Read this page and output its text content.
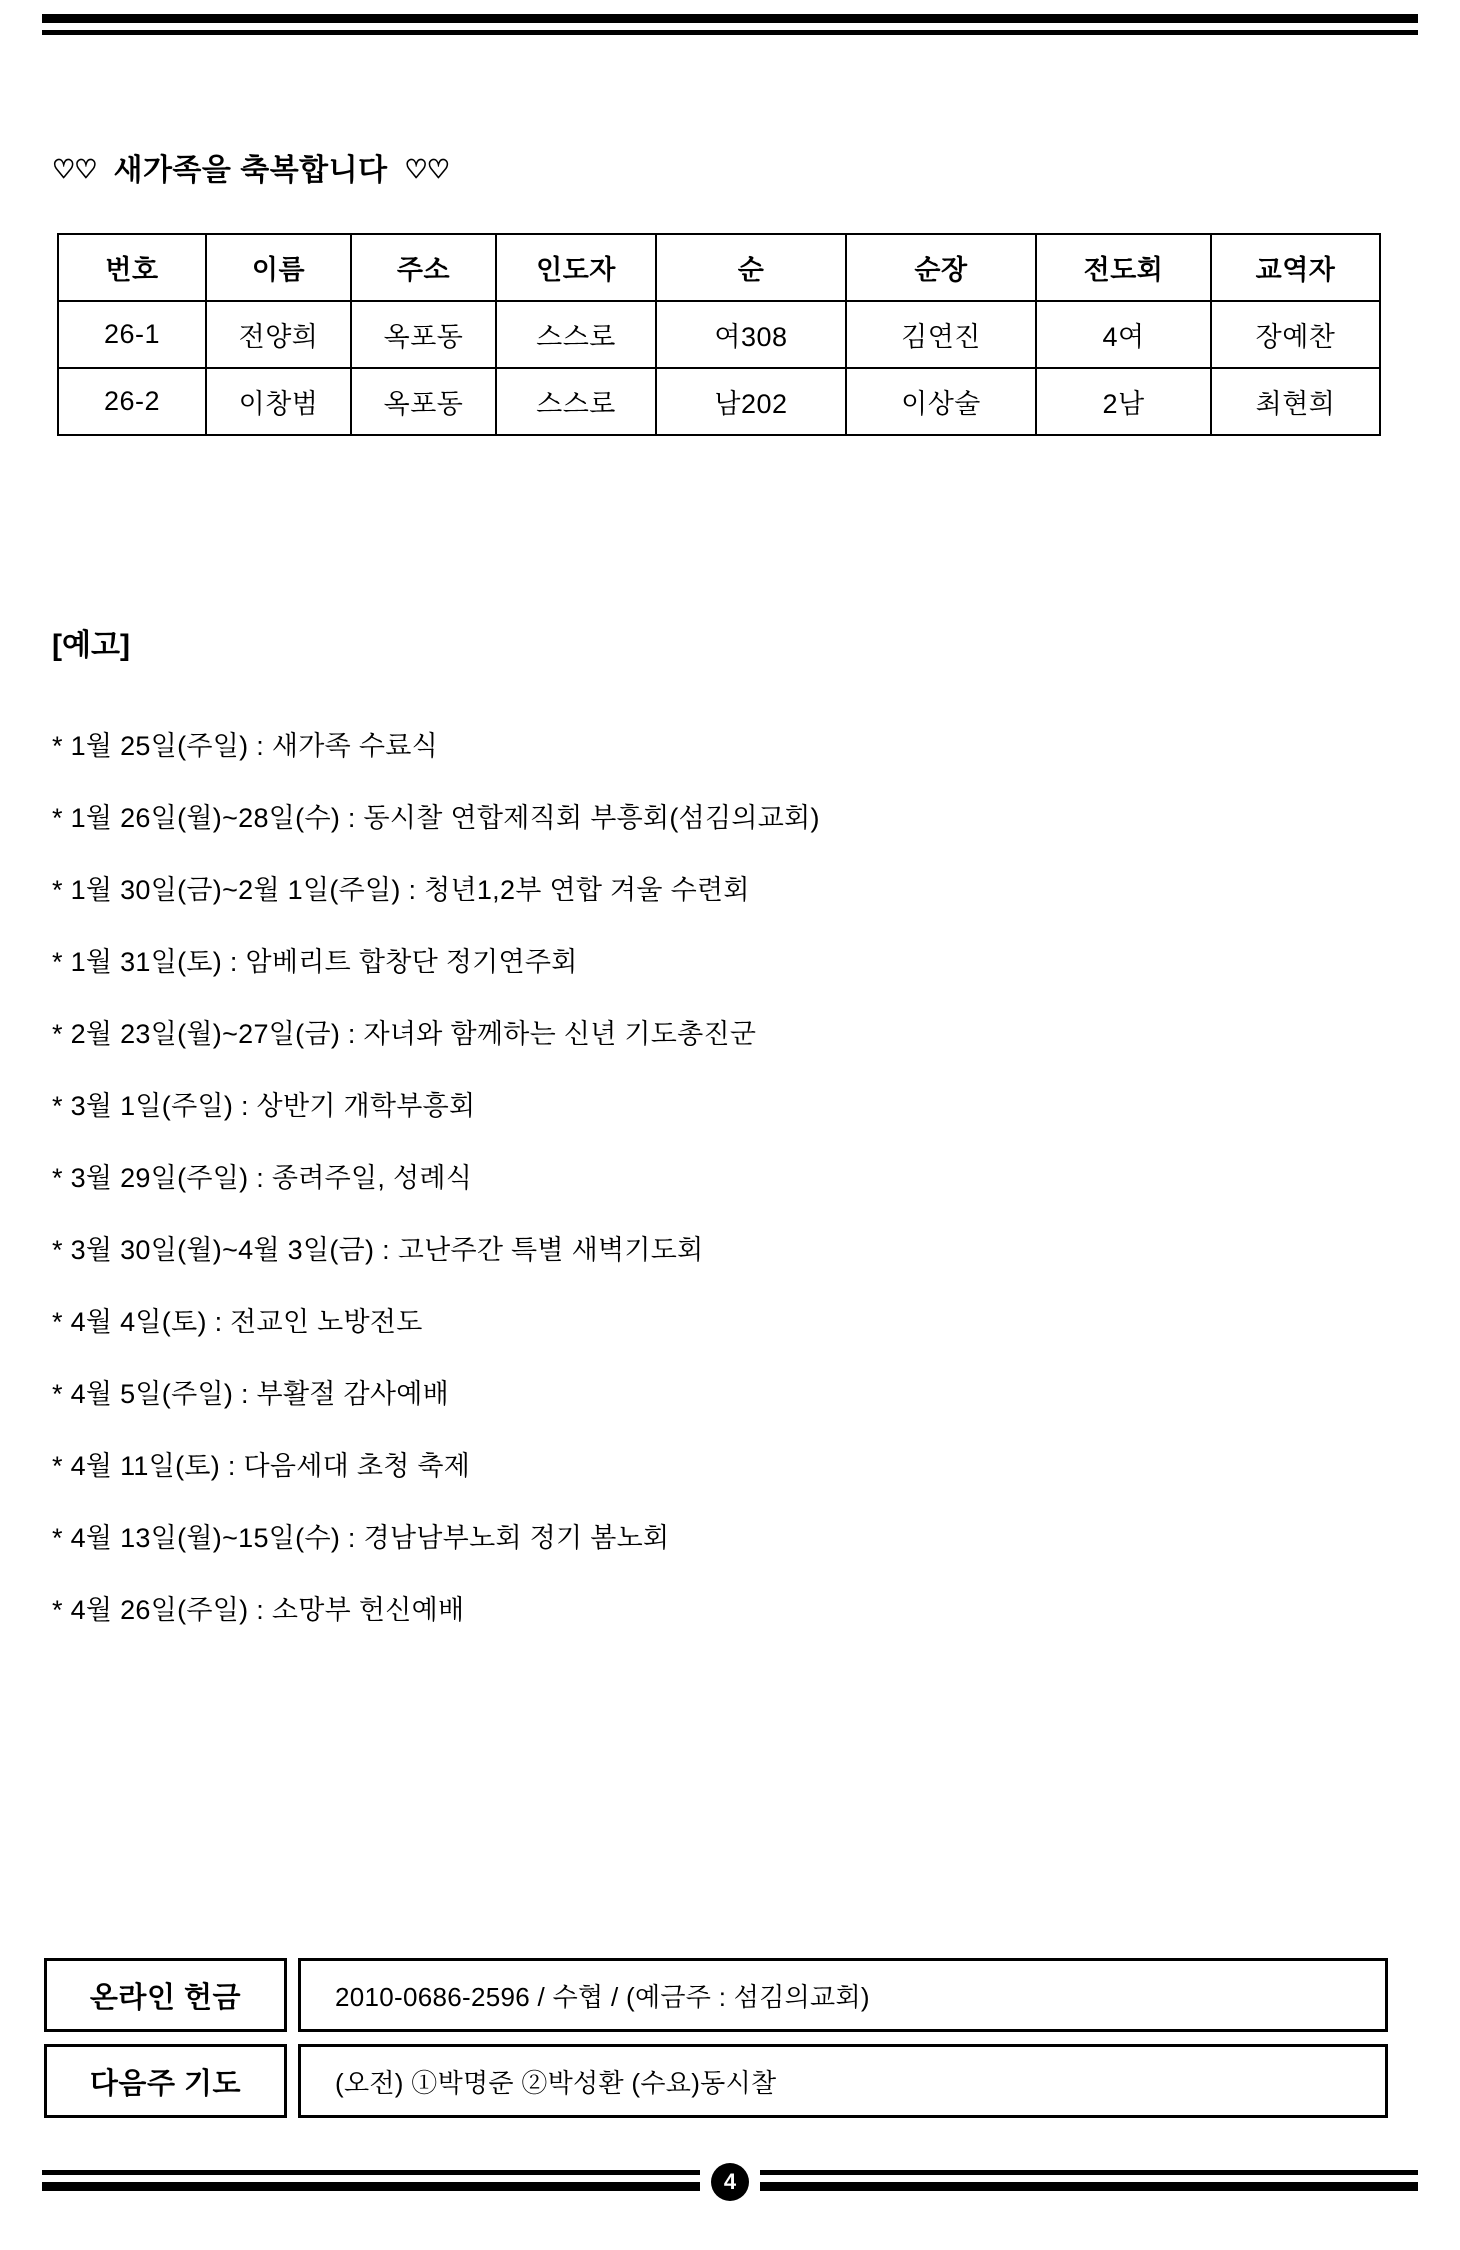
♡♡ 새가족을 축복합니다 ♡♡
번호	이름	주소	인도자	순	순장	전도회	교역자
26-1	전양희	옥포동	스스로	여308	김연진	4여	장예찬
26-2	이창범	옥포동	스스로	남202	이상술	2남	최현희
[예고]
* 1월 25일(주일) : 새가족 수료식
* 1월 26일(월)~28일(수) : 동시찰 연합제직회 부흥회(섬김의교회)
* 1월 30일(금)~2월 1일(주일) : 청년1,2부 연합 겨울 수련회
* 1월 31일(토) : 암베리트 합창단 정기연주회
* 2월 23일(월)~27일(금) : 자녀와 함께하는 신년 기도총진군
* 3월 1일(주일) : 상반기 개학부흥회
* 3월 29일(주일) : 종려주일, 성례식
* 3월 30일(월)~4월 3일(금) : 고난주간 특별 새벽기도회
* 4월 4일(토) : 전교인 노방전도
* 4월 5일(주일) : 부활절 감사예배
* 4월 11일(토) : 다음세대 초청 축제
* 4월 13일(월)~15일(수) : 경남남부노회 정기 봄노회
* 4월 26일(주일) : 소망부 헌신예배
온라인 헌금	2010-0686-2596 / 수협 / (예금주 : 섬김의교회)
다음주 기도	(오전) ①박명준 ②박성환 (수요)동시찰
4
